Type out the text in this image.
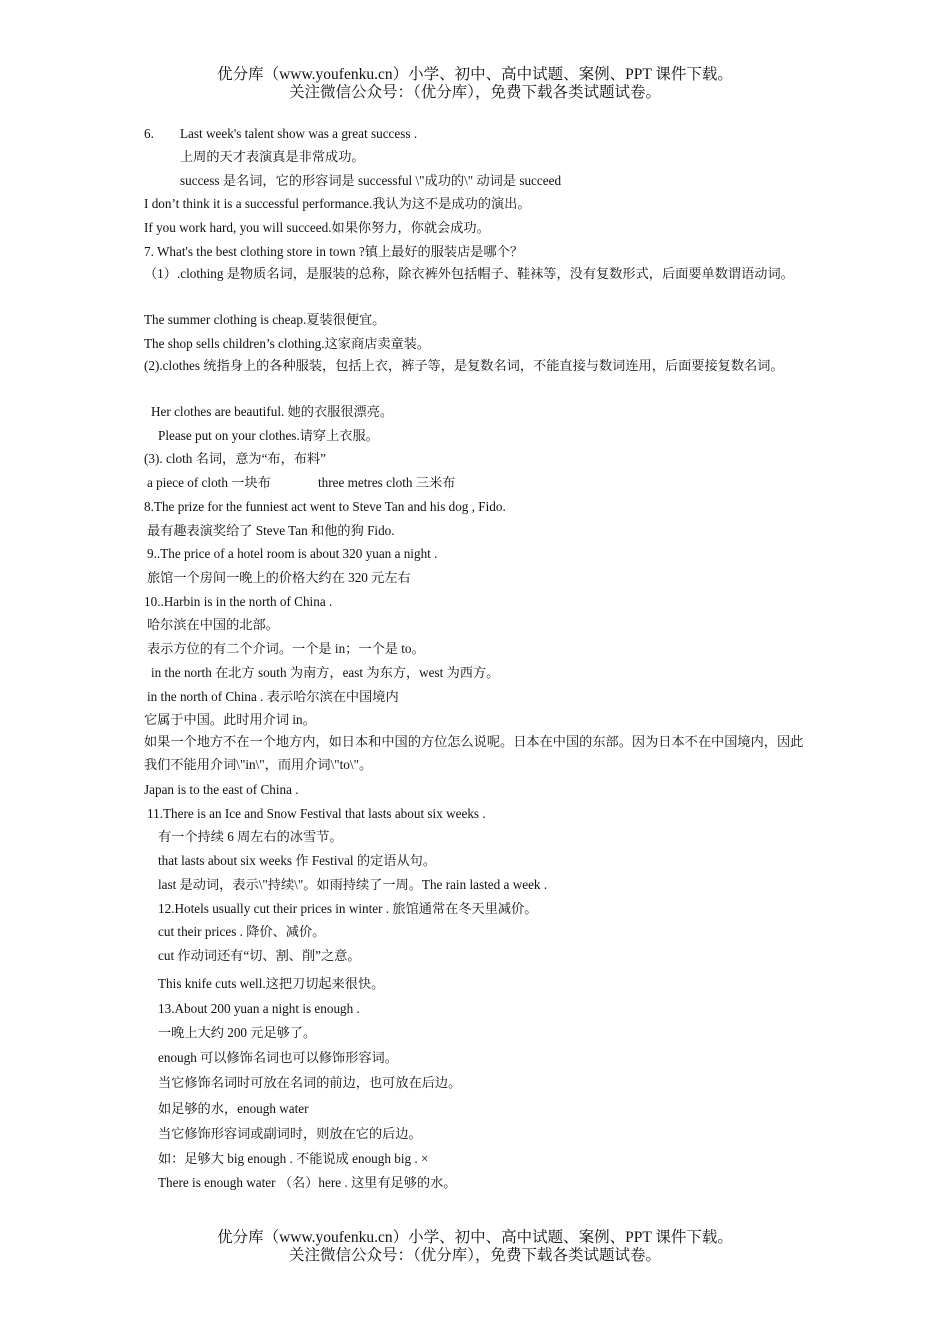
优分库（www.youfenku.cn）小学、初中、高中试题、案例、PPT 课件下载。
关注微信公众号：（优分库），免费下载各类试题试卷。
6. Last week's talent show was a great success .
上周的天才表演真是非常成功。
success 是名词，它的形容词是 successful \"成功的\" 动词是 succeed
I don’t think it is a successful performance.我认为这不是成功的演出。
If you work hard, you will succeed.如果你努力，你就会成功。
7. What's the best clothing store in town ?镇上最好的服装店是哪个？
（1）.clothing 是物质名词，是服装的总称，除衣裤外包括帽子、鞋袜等，没有复数形式，后面要单数谓语动词。
The summer clothing is cheap.夏装很便宜。
The shop sells children’s clothing.这家商店卖童装。
(2).clothes 统指身上的各种服装，包括上衣，裤子等，是复数名词，不能直接与数词连用，后面要接复数名词。
Her clothes are beautiful. 她的衣服很漂亮。
Please put on your clothes.请穿上衣服。
(3). cloth 名词，意为“布，布料”
a piece of cloth 一块布	three metres cloth 三米布
8.The prize for the funniest act went to Steve Tan and his dog , Fido.
最有趣表演奖给了 Steve Tan 和他的狗 Fido.
9..The price of a hotel room is about 320 yuan a night .
旅馆一个房间一晚上的价格大约在 320 元左右
10..Harbin is in the north of China .
哈尔滨在中国的北部。
表示方位的有二个介词。一个是 in；一个是 to。
in the north 在北方 south 为南方，east 为东方，west 为西方。
in the north of China . 表示哈尔滨在中国境内
它属于中国。此时用介词 in。
如果一个地方不在一个地方内，如日本和中国的方位怎么说呢。日本在中国的东部。因为日本不在中国境内，因此我们不能用介词\"in\"，而用介词\"to\"。
Japan is to the east of China .
11.There is an Ice and Snow Festival that lasts about six weeks .
有一个持续 6 周左右的冰雪节。
that lasts about six weeks 作 Festival 的定语从句。
last 是动词，表示\"持续\"。如雨持续了一周。The rain lasted a week .
12.Hotels usually cut their prices in winter . 旅馆通常在冬天里减价。
cut their prices . 降价、减价。
cut 作动词还有“切、割、削”之意。
This knife cuts well.这把刀切起来很快。
13.About 200 yuan a night is enough .
一晚上大约 200 元足够了。
enough 可以修饰名词也可以修饰形容词。
当它修饰名词时可放在名词的前边，也可放在后边。
如足够的水，enough water
当它修饰形容词或副词时，则放在它的后边。
如：足够大 big enough . 不能说成 enough big . ×
There is enough water （名）here . 这里有足够的水。
优分库（www.youfenku.cn）小学、初中、高中试题、案例、PPT 课件下载。
关注微信公众号：（优分库），免费下载各类试题试卷。
